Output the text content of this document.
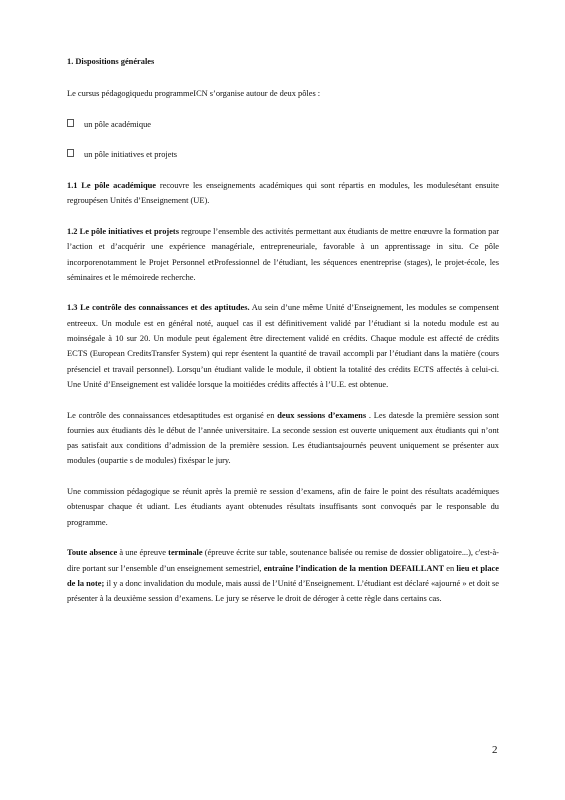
1. Dispositions générales

Le cursus pédagogiquedu programmeICN s’organise autour de deux pôles :

un pôle académique
un pôle initiatives et projets

1.1 Le pôle académique recouvre les enseignements académiques qui sont répartis en modules, les modulesétant ensuite regroupésen Unités d’Enseignement (UE).

1.2 Le pôle initiatives et projets regroupe l’ensemble des activités permettant aux étudiants de mettre enœuvre la formation par l’action et d’acquérir une expérience managériale, entrepreneuriale, favorable à un apprentissage in situ. Ce pôle incorporenotamment le Projet Personnel etProfessionnel de l’étudiant, les séquences enentreprise (stages), le projet-école, les séminaires et le mémoirede recherche.

1.3 Le contrôle des connaissances et des aptitudes. Au sein d’une même Unité d’Enseignement, les modules se compensent entreeux. Un module est en général noté, auquel cas il est définitivement validé par l’étudiant si la notedu module est au moinségale à 10 sur 20. Un module peut également être directement validé en crédits. Chaque module est affecté de crédits ECTS (European CreditsTransfer System) qui repr ésentent la quantité de travail accompli par l’étudiant dans la matière (cours présenciel et travail personnel). Lorsqu’un étudiant valide le module, il obtient la totalité des crédits ECTS affectés à celui-ci. Une Unité d’Enseignement est validée lorsque la moitiédes crédits affectés à l’U.E. est obtenue.

Le contrôle des connaissances etdesaptitudes est organisé en deux sessions d’examens . Les datesde la première session sont fournies aux étudiants dès le début de l’année universitaire. La seconde session est ouverte uniquement aux étudiants qui n’ont pas satisfait aux conditions d’admission de la première session. Les étudiantsajournés peuvent uniquement se présenter aux modules (oupartie s de modules) fixéspar le jury.

Une commission pédagogique se réunit après la premiè re session d’examens, afin de faire le point des résultats académiques obtenuspar chaque ét udiant. Les étudiants ayant obtenudes résultats insuffisants sont convoqués par le responsable du programme.

Toute absence à une épreuve terminale (épreuve écrite sur table, soutenance balisée ou remise de dossier obligatoire...), c'est-à-dire portant sur l’ensemble d’un enseignement semestriel, entraîne l’indication de la mention DEFAILLANT en lieu et place de la note; il y a donc invalidation du module, mais aussi de l’Unité d’Enseignement. L’étudiant est déclaré «ajourné » et doit se présenter à la deuxième session d’examens. Le jury se réserve le droit de déroger à cette règle dans certains cas.

2
